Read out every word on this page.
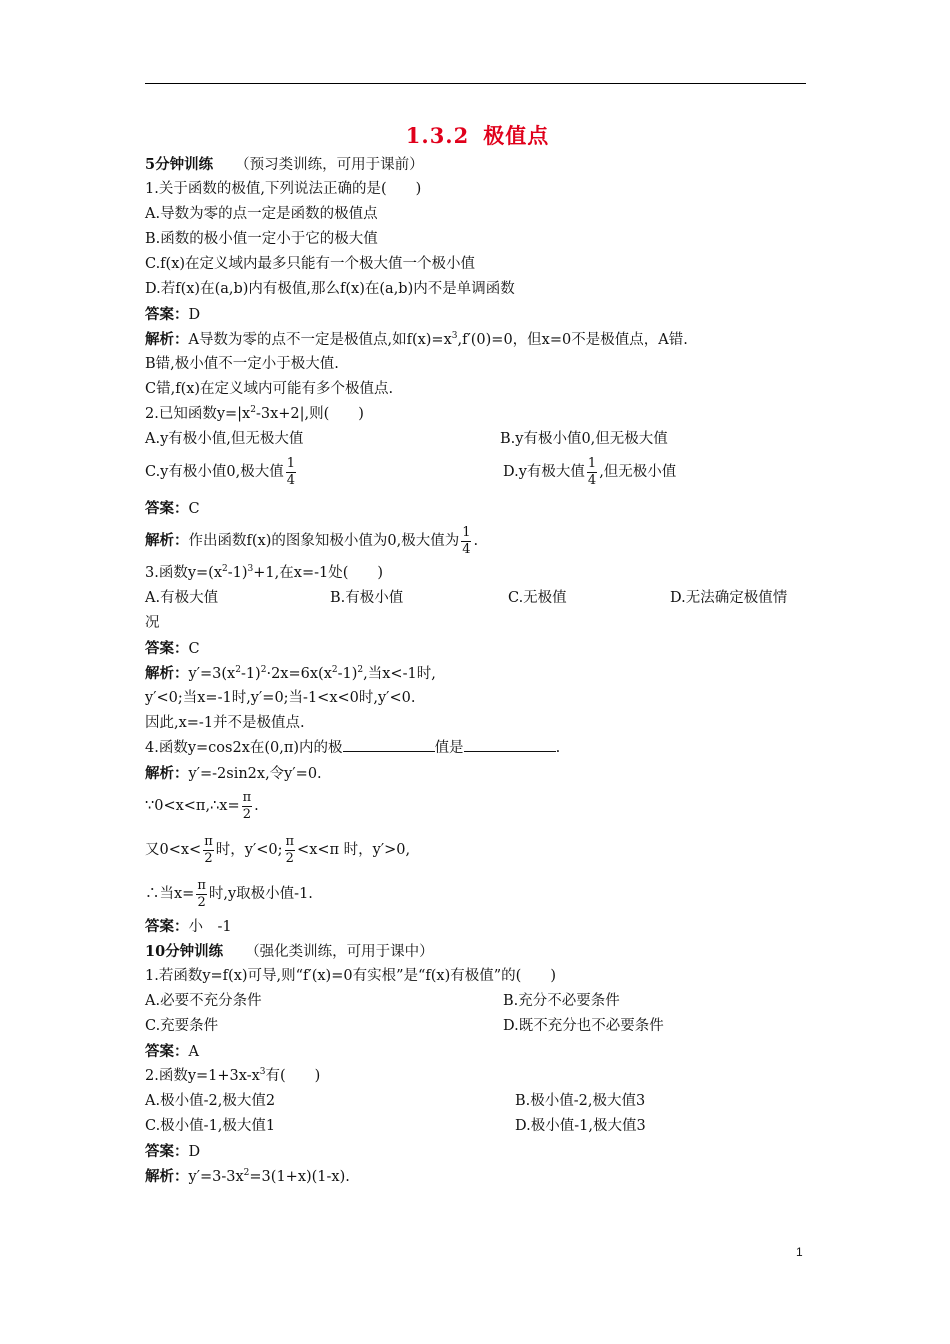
1.3.2 极值点
5分钟训练 （预习类训练，可用于课前）
1.关于函数的极值,下列说法正确的是(　　)
A.导数为零的点一定是函数的极值点
B.函数的极小值一定小于它的极大值
C.f(x)在定义域内最多只能有一个极大值一个极小值
D.若f(x)在(a,b)内有极值,那么f(x)在(a,b)内不是单调函数
答案：D
解析：A导数为零的点不一定是极值点,如$f(x)=x^3,f'(0)=0$，但x=0不是极值点，A错.
B错,极小值不一定小于极大值.
C错,f(x)在定义域内可能有多个极值点.
2.已知函数$y=|x^2-3x+2|$,则(　　)
A.y有极小值,但无极大值	B.y有极小值0,但无极大值
C.y有极小值0,极大值 $\frac{1}{4}$	D.y有极大值 $\frac{1}{4}$ ,但无极小值
答案：C
解析：作出函数f(x)的图象知极小值为0,极大值为 $\frac{1}{4}$ .
3.函数$y=(x^2-1)^3+1$,在x=-1处(　　)
A.有极大值	B.有极小值	C.无极值	D.无法确定极值情
况
答案：C
解析：$y'=3(x^2-1)^2\cdot 2x=6x(x^2-1)^2$,当x<-1时,
y′<0;当x=-1时,y′=0;当-1<x<0时,y′<0.
因此,x=-1并不是极值点.
4.函数y=cos2x在(0,π)内的极	值是	.
解析：y′=-2sin2x,令y′=0.
∵0<x<π,∴x= $\frac{\pi}{2}$ .
又$0<x< \frac{\pi}{2}$ 时，y′<0; $\frac{\pi}{2} <x<\pi$ 时，y′>0,
∴当$x= \frac{\pi}{2}$ 时,y取极小值-1.
答案：小　-1
10分钟训练 （强化类训练，可用于课中）
1.若函数y=f(x)可导,则“f′(x)=0有实根”是“f(x)有极值”的(　　)
A.必要不充分条件	B.充分不必要条件
C.充要条件	D.既不充分也不必要条件
答案：A
2.函数$y=1+3x-x^3$有(　　)
A.极小值-2,极大值2	B.极小值-2,极大值3
C.极小值-1,极大值1	D.极小值-1,极大值3
答案：D
解析：$y'=3-3x^2=3(1+x)(1-x)$.
1
